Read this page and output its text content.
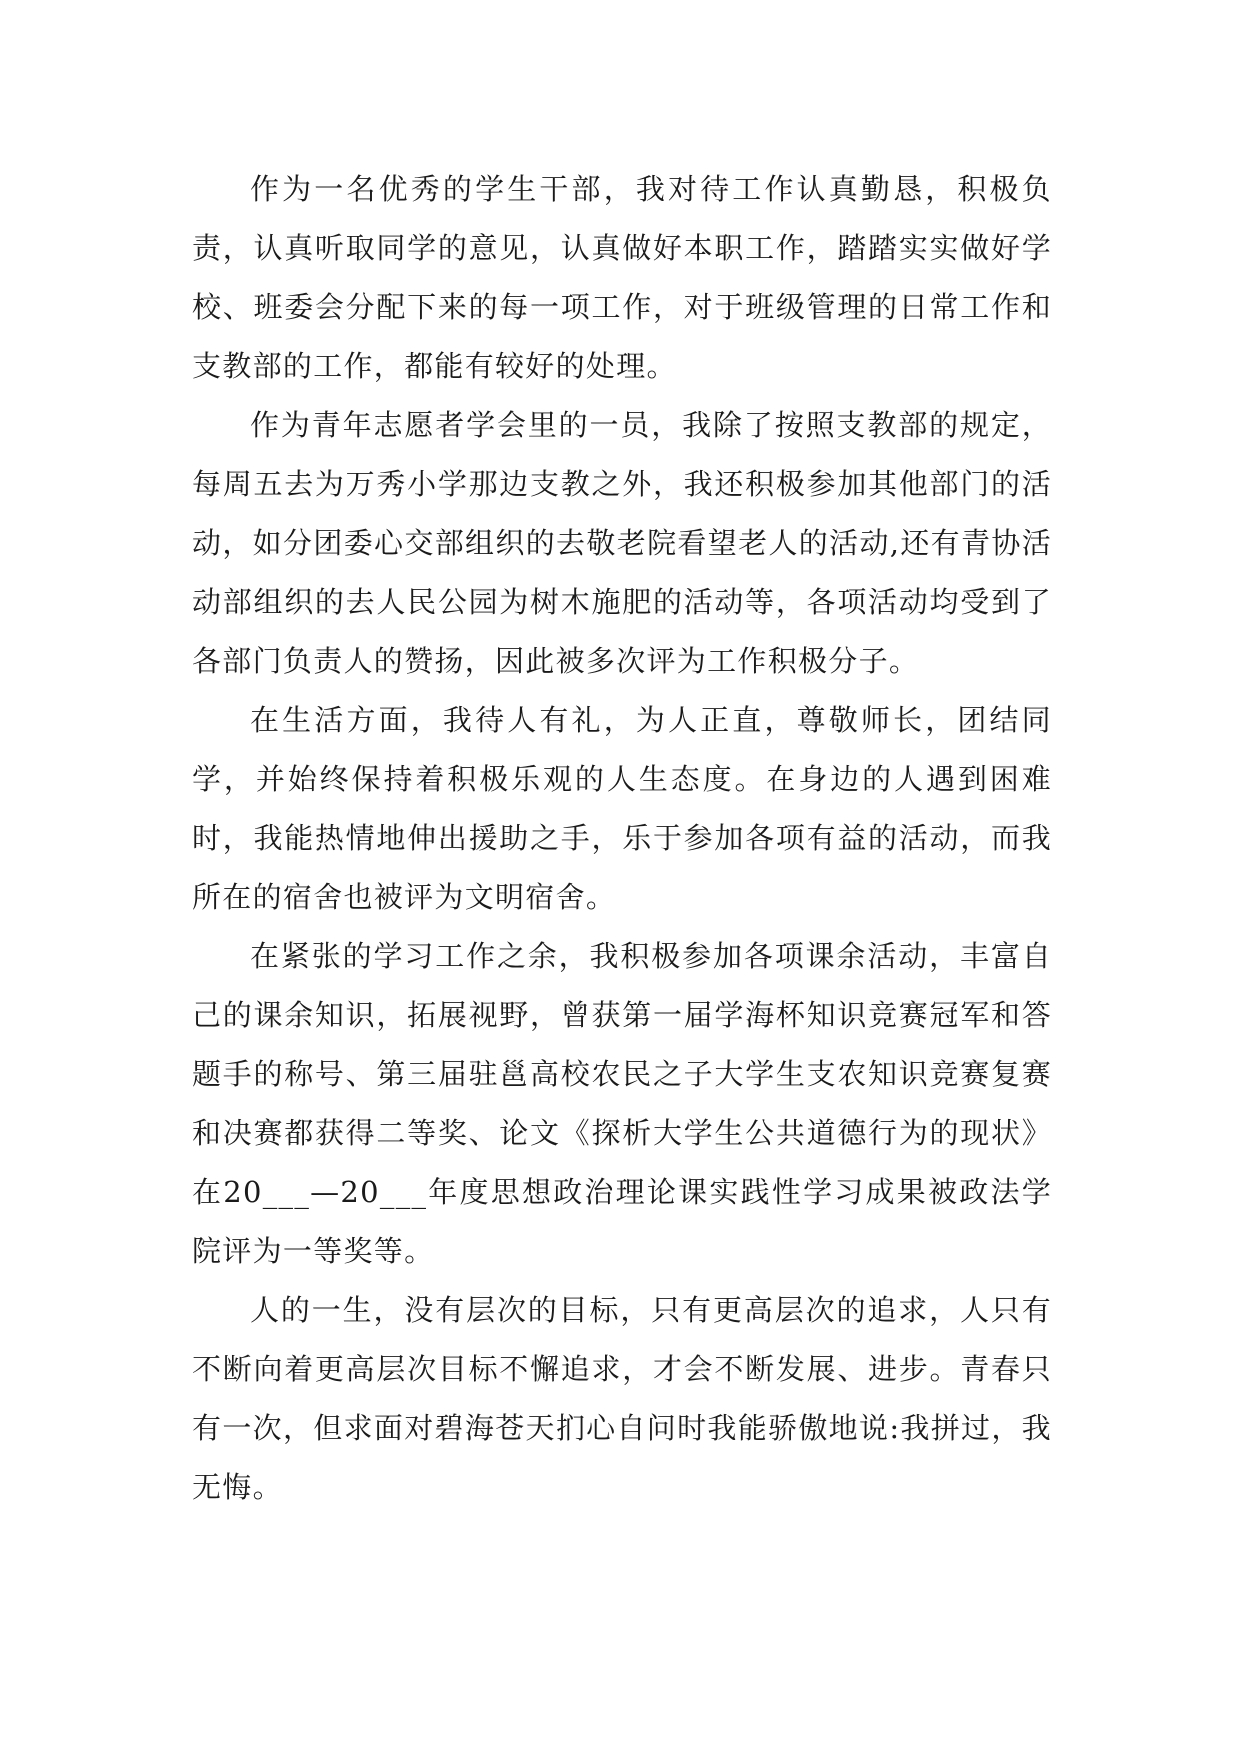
作为一名优秀的学生干部，我对待工作认真勤恳，积极负责，认真听取同学的意见，认真做好本职工作，踏踏实实做好学校、班委会分配下来的每一项工作，对于班级管理的日常工作和支教部的工作，都能有较好的处理。

作为青年志愿者学会里的一员，我除了按照支教部的规定，每周五去为万秀小学那边支教之外，我还积极参加其他部门的活动，如分团委心交部组织的去敬老院看望老人的活动,还有青协活动部组织的去人民公园为树木施肥的活动等，各项活动均受到了各部门负责人的赞扬，因此被多次评为工作积极分子。

在生活方面，我待人有礼，为人正直，尊敬师长，团结同学，并始终保持着积极乐观的人生态度。在身边的人遇到困难时，我能热情地伸出援助之手，乐于参加各项有益的活动，而我所在的宿舍也被评为文明宿舍。

在紧张的学习工作之余，我积极参加各项课余活动，丰富自己的课余知识，拓展视野，曾获第一届学海杯知识竞赛冠军和答题手的称号、第三届驻邕高校农民之子大学生支农知识竞赛复赛和决赛都获得二等奖、论文《探析大学生公共道德行为的现状》在20___—20___年度思想政治理论课实践性学习成果被政法学院评为一等奖等。

人的一生，没有层次的目标，只有更高层次的追求，人只有不断向着更高层次目标不懈追求，才会不断发展、进步。青春只有一次，但求面对碧海苍天扪心自问时我能骄傲地说:我拼过，我无悔。
